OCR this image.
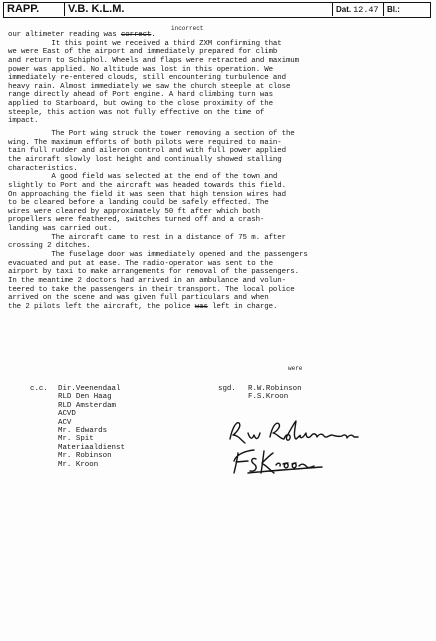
RAPP.	V.B. K.L.M.	Dat. 12.47	Bl.:
incorrect
our altimeter reading was correct.
It this point we received a third ZXM confirming that
we were East of the airport and immediately prepared for climb
and return to Schiphol. Wheels and flaps were retracted and maximum
power was applied. No altitude was lost in this operation. We
immediately re-entered clouds, still encountering turbulence and
heavy rain. Almost immediately we saw the church steeple at close
range directly ahead of Port engine. A hard climbing turn was
applied to Starboard, but owing to the close proximity of the
steeple, this action was not fully effective on the time of
impact.
The Port wing struck the tower removing a section of the
wing. The maximum efforts of both pilots were required to main-
tain full rudder and aileron control and with full power applied
the aircraft slowly lost height and continually showed stalling
characteristics.
A good field was selected at the end of the town and
slightly to Port and the aircraft was headed towards this field.
On approaching the field it was seen that high tension wires had
to be cleared before a landing could be safely effected. The
wires were cleared by approximately 50 ft after which both
propellers were feathered, switches turned off and a crash-
landing was carried out.
The aircraft came to rest in a distance of 75 m. after
crossing 2 ditches.
The fuselage door was immediately opened and the passengers
evacuated and put at ease. The radio-operator was sent to the
airport by taxi to make arrangements for removal of the passengers.
In the meantime 2 doctors had arrived in an ambulance and volun-
teered to take the passengers in their transport. The local police
arrived on the scene and was given full particulars and when
the 2 pilots left the aircraft, the police was left in charge.
were
c.c. Dir.Veenendaal
RLD Den Haag
RLD Amsterdam
ACVD
ACV
Mr. Edwards
Mr. Spit
Materiaaldienst
Mr. Robinson
Mr. Kroon
sgd. R.W.Robinson
F.S.Kroon
